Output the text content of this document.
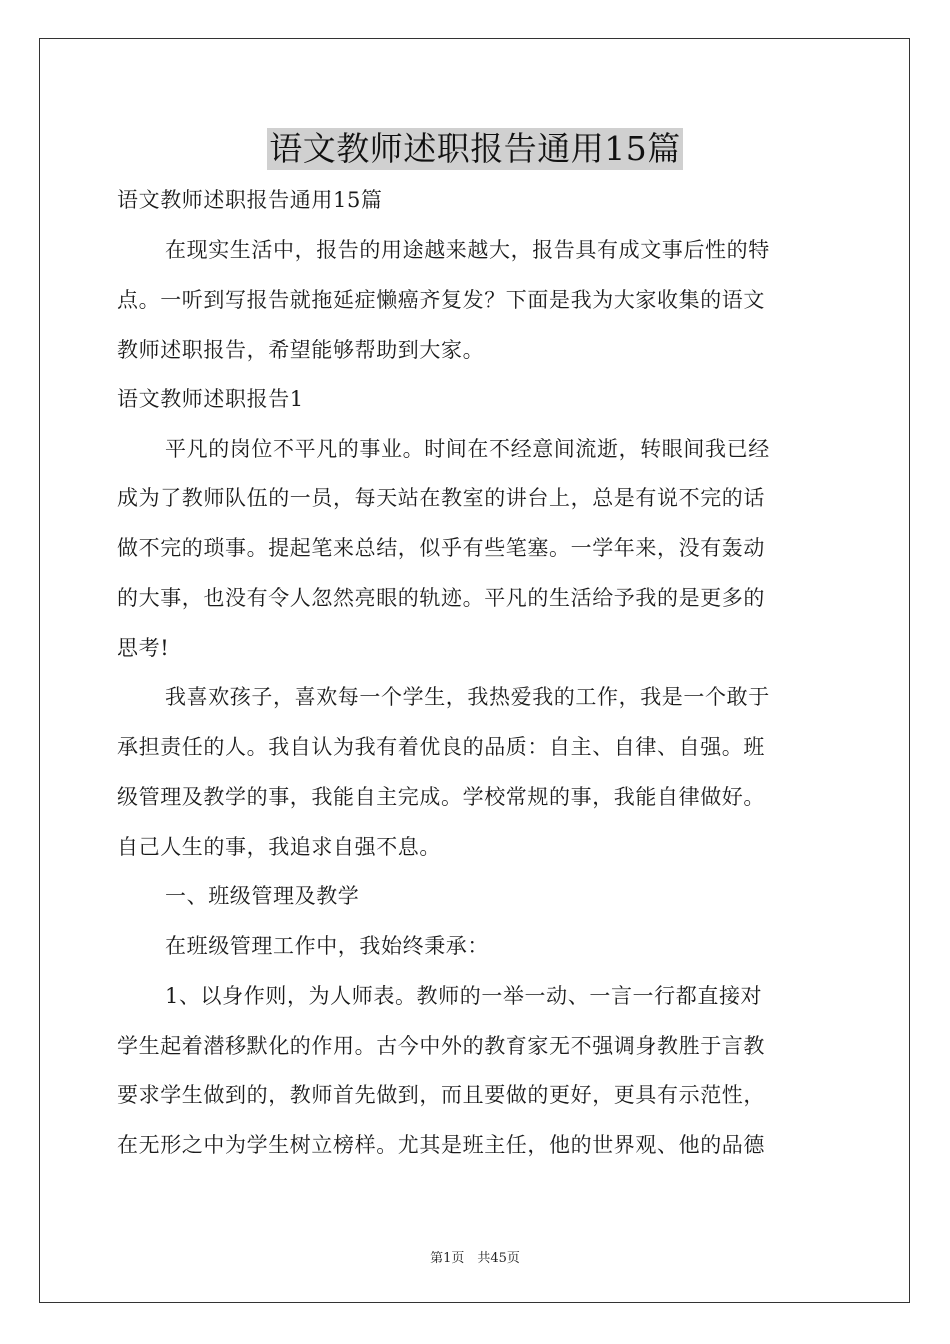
语文教师述职报告通用15篇
语文教师述职报告通用15篇
在现实生活中，报告的用途越来越大，报告具有成文事后性的特
点。一听到写报告就拖延症懒癌齐复发？下面是我为大家收集的语文
教师述职报告，希望能够帮助到大家。
语文教师述职报告1
平凡的岗位不平凡的事业。时间在不经意间流逝，转眼间我已经
成为了教师队伍的一员，每天站在教室的讲台上，总是有说不完的话
做不完的琐事。提起笔来总结，似乎有些笔塞。一学年来，没有轰动
的大事，也没有令人忽然亮眼的轨迹。平凡的生活给予我的是更多的
思考!
我喜欢孩子，喜欢每一个学生，我热爱我的工作，我是一个敢于
承担责任的人。我自认为我有着优良的品质：自主、自律、自强。班
级管理及教学的事，我能自主完成。学校常规的事，我能自律做好。
自己人生的事，我追求自强不息。
一、班级管理及教学
在班级管理工作中，我始终秉承：
1、以身作则，为人师表。教师的一举一动、一言一行都直接对
学生起着潜移默化的作用。古今中外的教育家无不强调身教胜于言教
要求学生做到的，教师首先做到，而且要做的更好，更具有示范性，
在无形之中为学生树立榜样。尤其是班主任，他的世界观、他的品德
第1页　共45页
